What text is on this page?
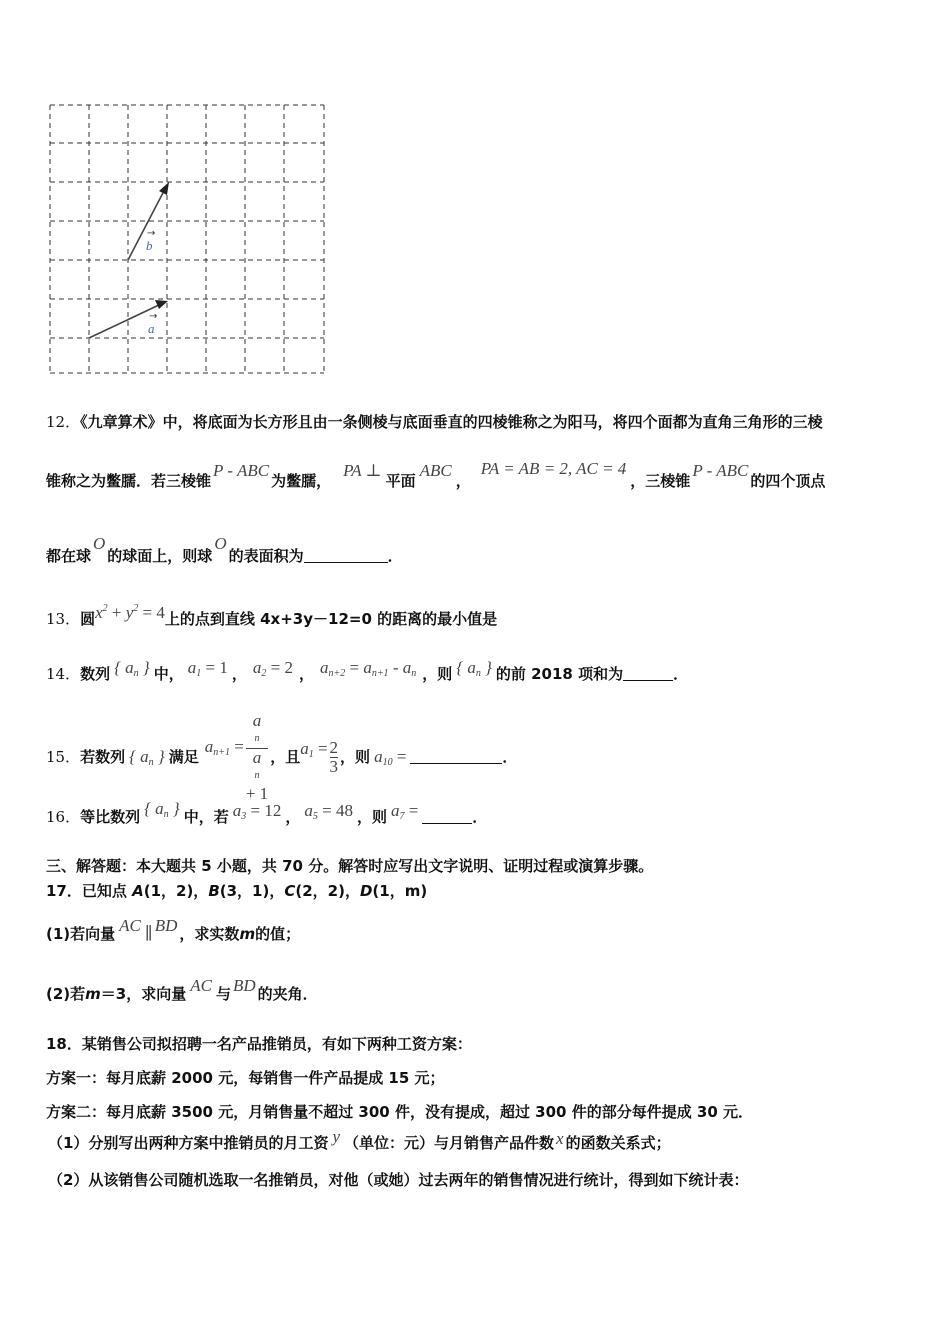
→
b
→
a
12．《九章算术》中，将底面为长方形且由一条侧棱与底面垂直的四棱锥称之为阳马，将四个面都为直角三角形的三棱
锥称之为鳖臑．若三棱锥P - ABC为鳖臑，PA ⊥平面ABC，PA = AB = 2, AC = 4，三棱锥P - ABC的四个顶点
都在球O的球面上，则球O的表面积为	．
13．圆$x^2 + y^2 = 4$上的点到直线 4x+3y－12=0 的距离的最小值是
14．数列 { $a_n$ } 中， $a_1 = 1$ ， $a_2 = 2$ ， $a_{n+2} = a_{n+1} - a_n$ ，则 { $a_n$ } 的前 2018 项和为	．
15．若数列 { $a_n$ } 满足$a_{n+1} = a$
n
a
n
+ 1 ，且$a_1 = \frac{2}{3}$ ，则 $a_{10}$ =	．
16．等比数列 { $a_n$ } 中，若 $a_3 = 12$ ， $a_5 = 48$ ，则 $a_7$ =	．
三、解答题：本大题共 5 小题，共 70 分。解答时应写出文字说明、证明过程或演算步骤。
17．已知点 A(1，2)，B(3，1)，C(2，2)，D(1，m)
(1)若向量 AC ∥ BD ，求实数m的值；
(2)若m＝3，求向量 AC 与 BD 的夹角．
18．某销售公司拟招聘一名产品推销员，有如下两种工资方案：
方案一：每月底薪 2000 元，每销售一件产品提成 15 元；
方案二：每月底薪 3500 元，月销售量不超过 300 件，没有提成，超过 300 件的部分每件提成 30 元．
（1）分别写出两种方案中推销员的月工资 y （单位：元）与月销售产品件数 x 的函数关系式；
（2）从该销售公司随机选取一名推销员，对他（或她）过去两年的销售情况进行统计，得到如下统计表：
